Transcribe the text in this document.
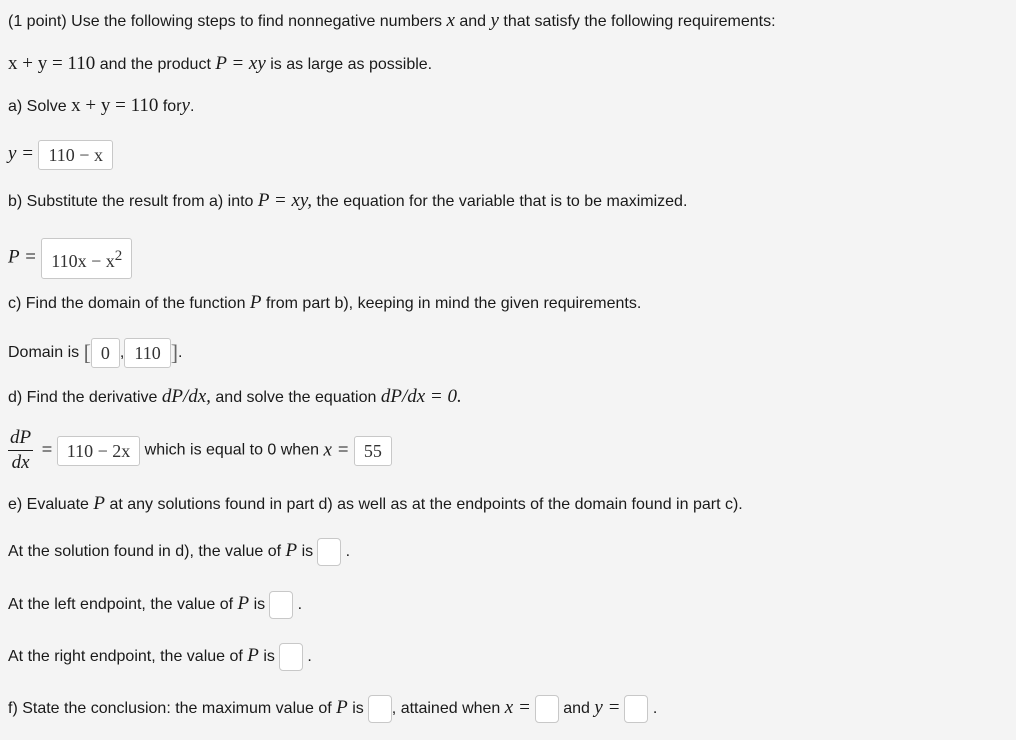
(1 point) Use the following steps to find nonnegative numbers x and y that satisfy the following requirements:
x + y = 110 and the product P = xy is as large as possible.
a) Solve x + y = 110 fory.
y = 110 − x
b) Substitute the result from a) into P = xy, the equation for the variable that is to be maximized.
$P = 110x - x^2$
c) Find the domain of the function P from part b), keeping in mind the given requirements.
Domain is [ 0 , 110 ].
d) Find the derivative dP/dx, and solve the equation dP/dx = 0.
$\frac{dP}{dx} = 110 - 2x$ which is equal to 0 when x = 55
e) Evaluate P at any solutions found in part d) as well as at the endpoints of the domain found in part c).
At the solution found in d), the value of P is .
At the left endpoint, the value of P is .
At the right endpoint, the value of P is .
f) State the conclusion: the maximum value of P is , attained when x = and y = .
